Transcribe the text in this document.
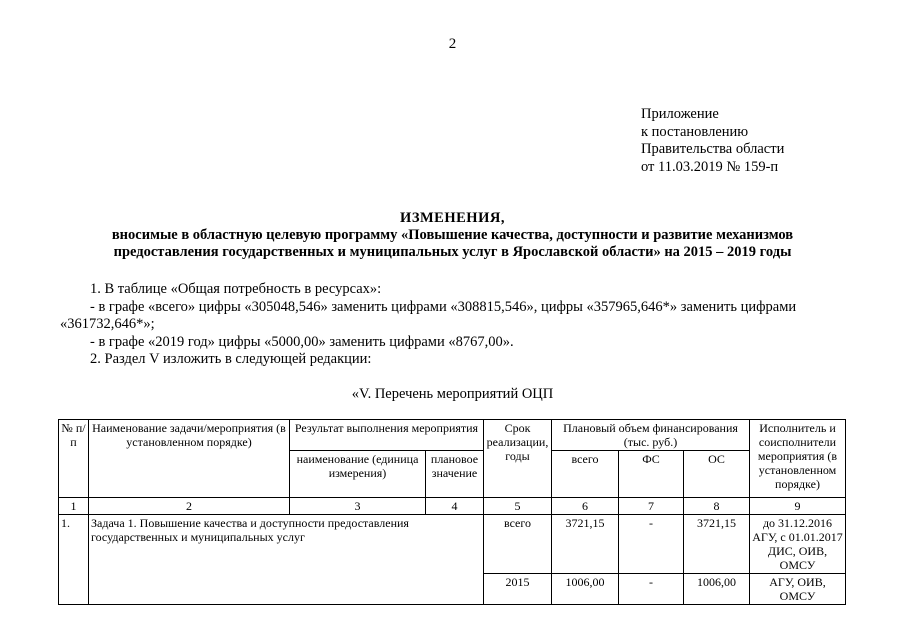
2
Приложение
к постановлению
Правительства области
от 11.03.2019 № 159-п
ИЗМЕНЕНИЯ,
вносимые в областную целевую программу «Повышение качества, доступности и развитие механизмов
предоставления государственных и муниципальных услуг в Ярославской области» на 2015 – 2019 годы
1. В таблице «Общая потребность в ресурсах»:
- в графе «всего» цифры «305048,546» заменить цифрами «308815,546», цифры «357965,646*» заменить цифрами
«361732,646*»;
- в графе «2019 год» цифры «5000,00» заменить цифрами «8767,00».
2. Раздел V изложить в следующей редакции:
«V. Перечень мероприятий ОЦП
№ п/п	Наименование задачи/мероприятия (в установленном порядке)	Результат выполнения мероприятия		Срок реализации, годы	Плановый объем финансирования (тыс. руб.)			Исполнитель и соисполнители мероприятия (в установленном порядке)
		наименование (единица измерения)	плановое значение		всего	ФС	ОС	
1	2	3	4	5	6	7	8	9
1.	Задача 1. Повышение качества и доступности предоставления государственных и муниципальных услуг			всего	3721,15	-	3721,15	до 31.12.2016 АГУ, с 01.01.2017 ДИС, ОИВ, ОМСУ
				2015	1006,00	-	1006,00	АГУ, ОИВ, ОМСУ
